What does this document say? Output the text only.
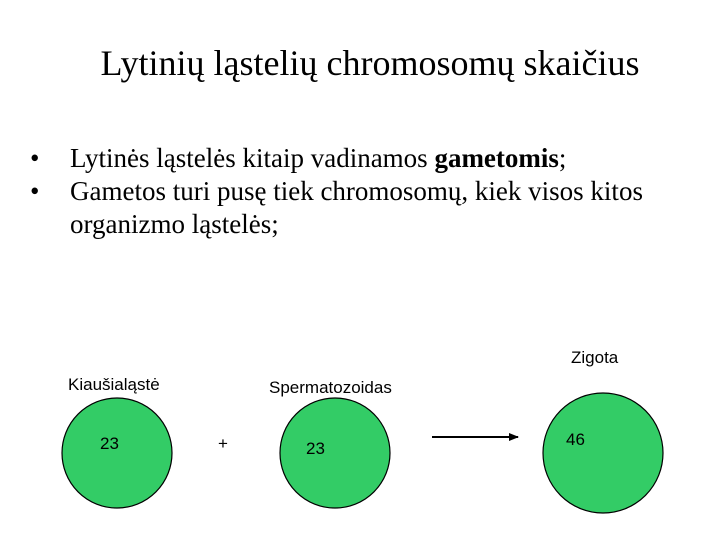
Lytinių ląstelių chromosomų skaičius
• Lytinės ląstelės kitaip vadinamos gametomis;
• Gametos turi pusę tiek chromosomų, kiek visos kitos organizmo ląstelės;
Kiaušialąstė	Spermatozoidas
Zigota
23	+	23	46
